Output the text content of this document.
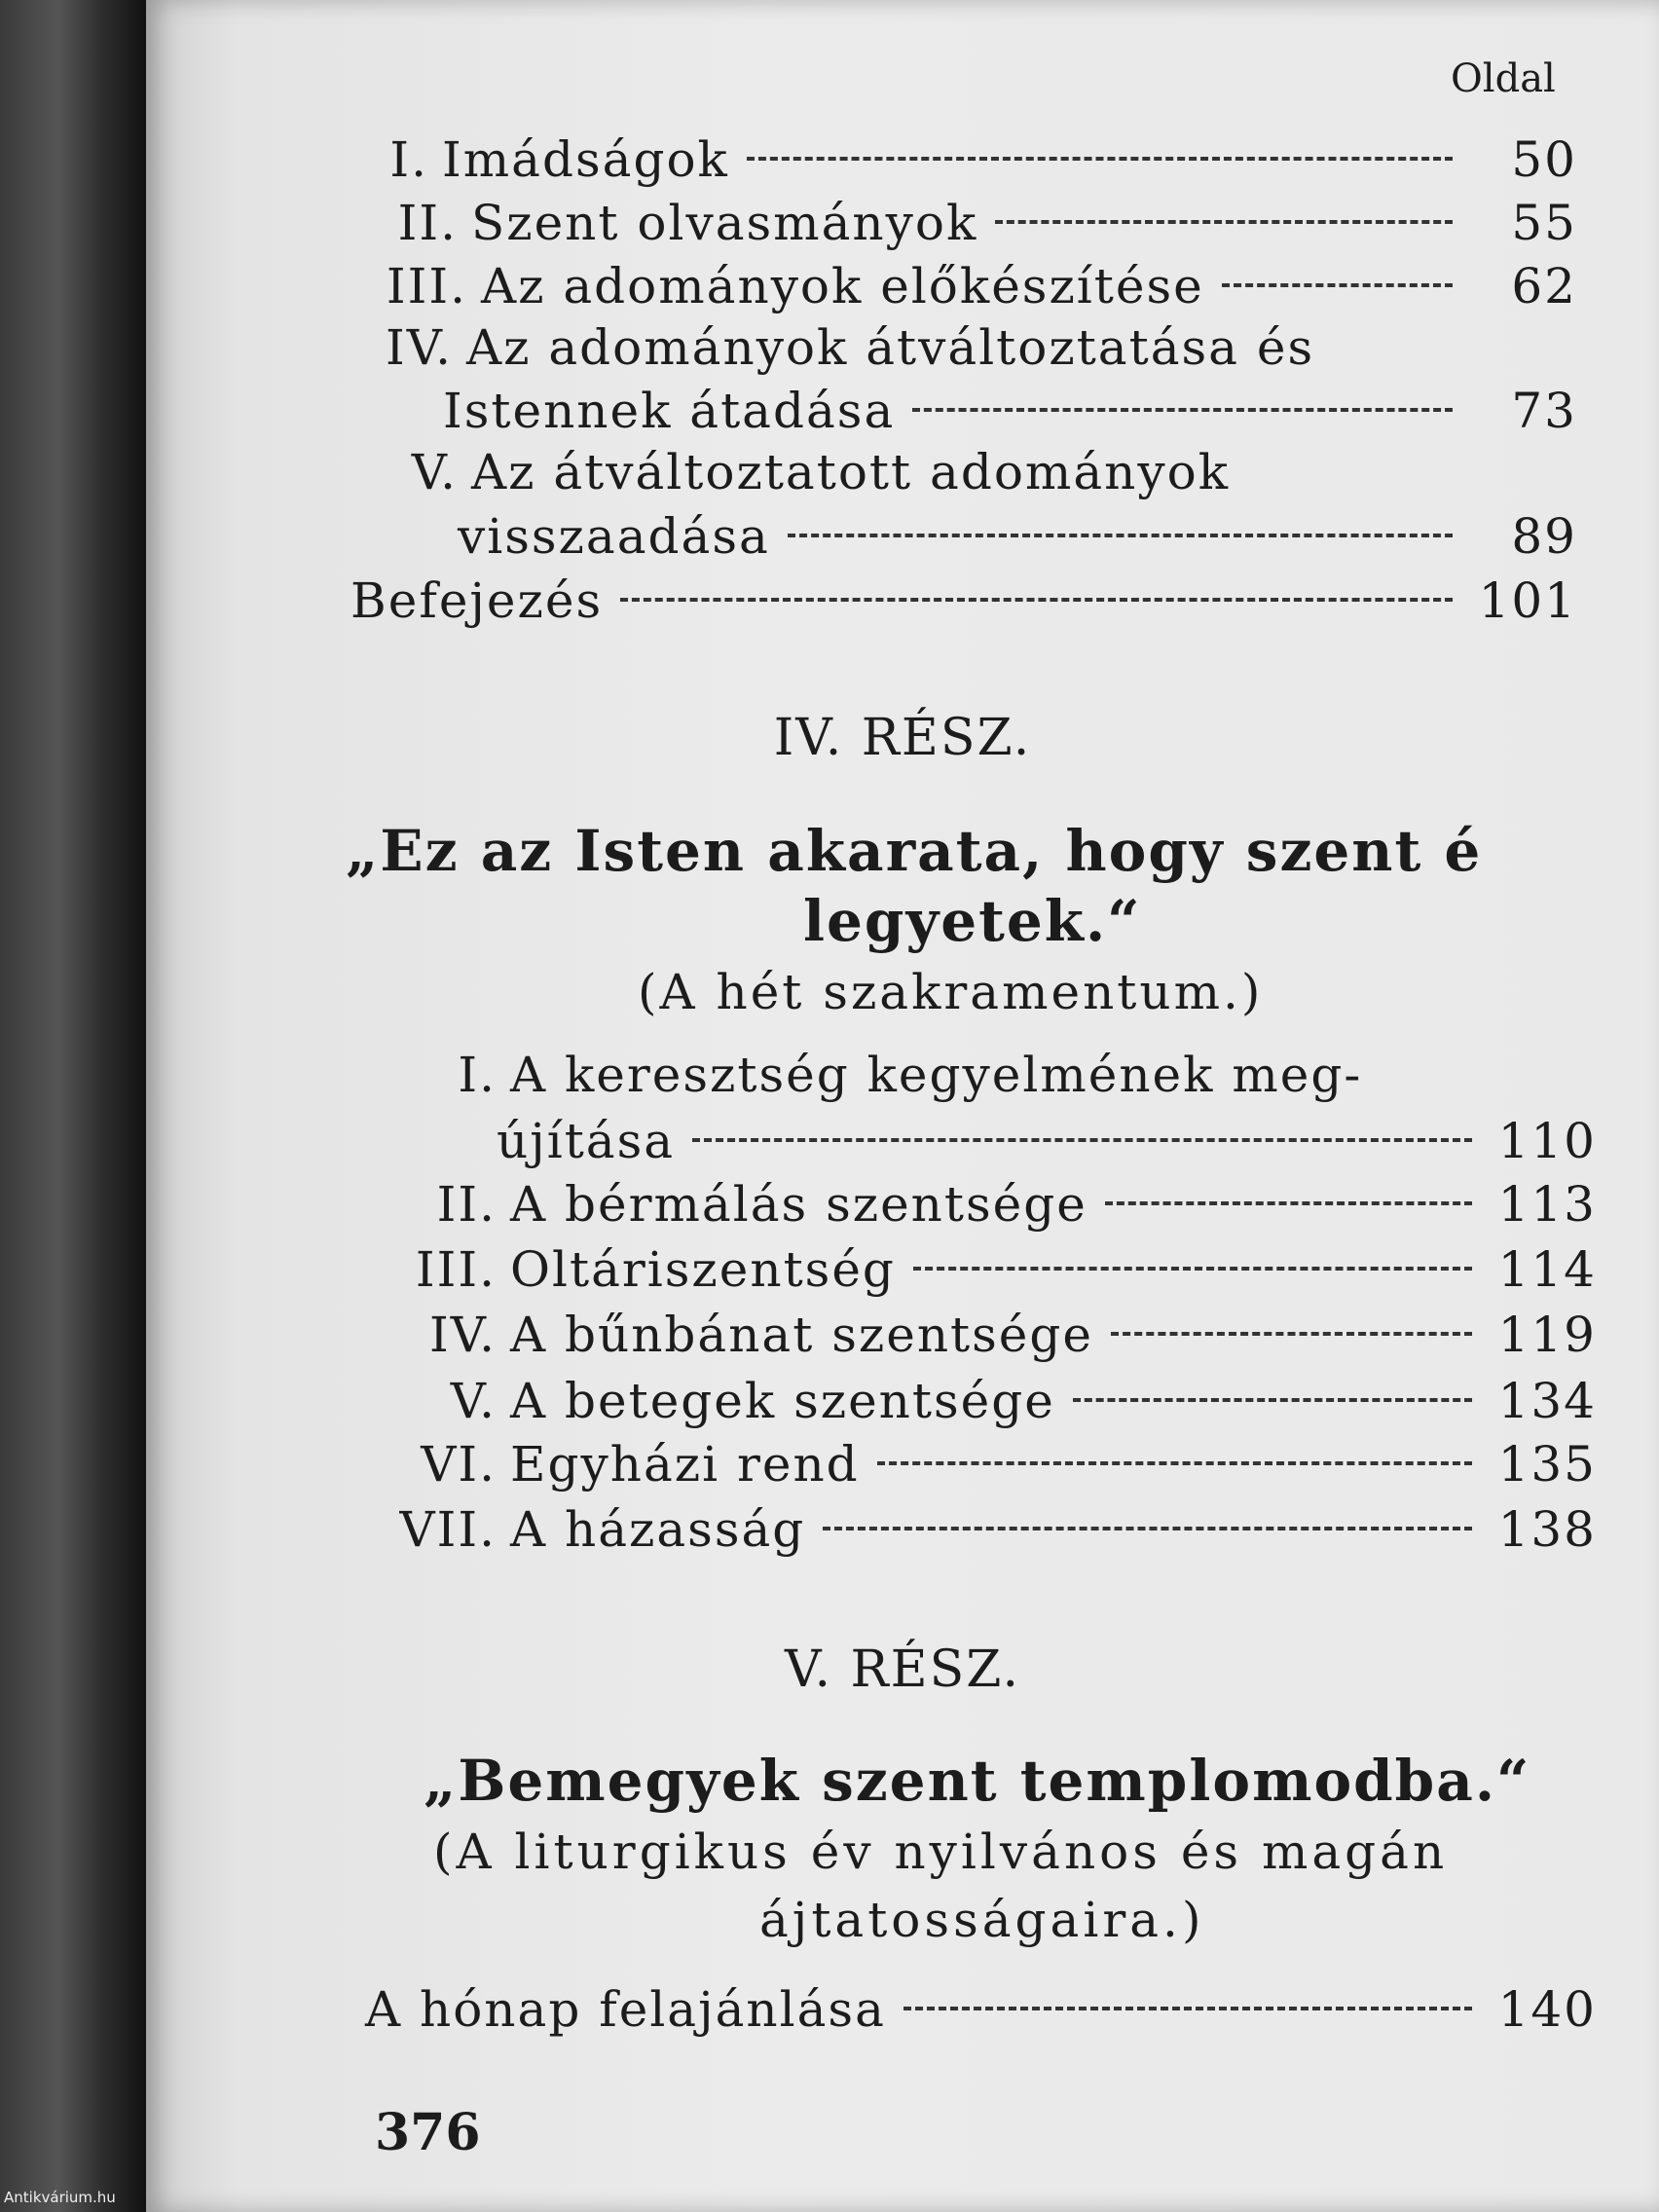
Antikvárium.hu
Oldal
I. Imádságok	50
II. Szent olvasmányok	55
III. Az adományok előkészítése	62
IV. Az adományok átváltoztatása és
Istennek átadása	73
V. Az átváltoztatott adományok
visszaadása	89
Befejezés	101
IV. RÉSZ.
„Ez az Isten akarata, hogy szent é
legyetek.“
(A hét szakramentum.)
I. A keresztség kegyelmének meg-
újítása	110
II. A bérmálás szentsége	113
III. Oltáriszentség	114
IV. A bűnbánat szentsége	119
V. A betegek szentsége	134
VI. Egyházi rend	135
VII. A házasság	138
V. RÉSZ.
„Bemegyek szent templomodba.“
(A liturgikus év nyilvános és magán
ájtatosságaira.)
A hónap felajánlása	140
376
